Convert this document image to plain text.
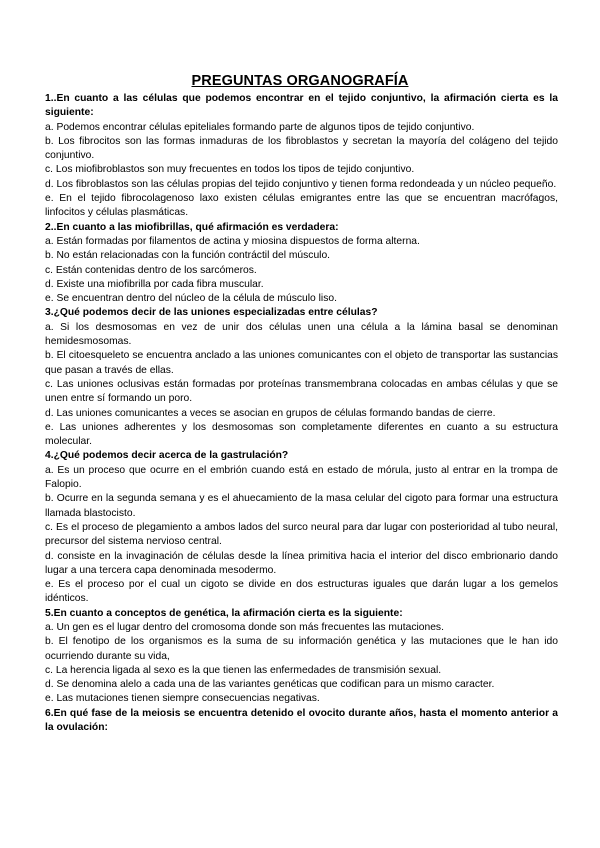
PREGUNTAS ORGANOGRAFÍA
1..En cuanto a las células que podemos encontrar en el tejido conjuntivo, la afirmación cierta es la siguiente:
a. Podemos encontrar células epiteliales formando parte de algunos tipos de tejido conjuntivo.
b. Los fibrocitos son las formas inmaduras de los fibroblastos y secretan la mayoría del colágeno del tejido conjuntivo.
c. Los miofibroblastos son muy frecuentes en todos los tipos de tejido conjuntivo.
d. Los fibroblastos son las células propias del tejido conjuntivo y tienen forma redondeada y un núcleo pequeño.
e. En el tejido fibrocolagenoso laxo existen células emigrantes entre las que se encuentran macrófagos, linfocitos y células plasmáticas.
2..En cuanto a las miofibrillas, qué afirmación es verdadera:
a. Están formadas por filamentos de actina y miosina dispuestos de forma alterna.
b. No están relacionadas con la función contráctil del músculo.
c. Están contenidas dentro de los sarcómeros.
d. Existe una miofibrilla por cada fibra muscular.
e. Se encuentran dentro del núcleo de la célula de músculo liso.
3.¿Qué podemos decir de las uniones especializadas entre células?
a. Si los desmosomas en vez de unir dos células unen una célula a la lámina basal se denominan hemidesmosomas.
b. El citoesqueleto se encuentra anclado a las uniones comunicantes con el objeto de transportar las sustancias que pasan a través de ellas.
c. Las uniones oclusivas están formadas por proteínas transmembrana colocadas en ambas células y que se unen entre sí formando un poro.
d. Las uniones comunicantes a veces se asocian en grupos de células formando bandas de cierre.
e. Las uniones adherentes y los desmosomas son completamente diferentes en cuanto a su estructura molecular.
4.¿Qué podemos decir acerca de la gastrulación?
a. Es un proceso que ocurre en el embrión cuando está en estado de mórula, justo al entrar en la trompa de Falopio.
b. Ocurre en la segunda semana y es el ahuecamiento de la masa celular del cigoto para formar una estructura llamada blastocisto.
c. Es el proceso de plegamiento a ambos lados del surco neural para dar lugar con posterioridad al tubo neural, precursor del sistema nervioso central.
d. consiste en la invaginación de células desde la línea primitiva hacia el interior del disco embrionario dando lugar a una tercera capa denominada mesodermo.
e. Es el proceso por el cual un cigoto se divide en dos estructuras iguales que darán lugar a los gemelos idénticos.
5.En cuanto a conceptos de genética, la afirmación cierta es la siguiente:
a. Un gen es el lugar dentro del cromosoma donde son más frecuentes las mutaciones.
b. El fenotipo de los organismos es la suma de su información genética y las mutaciones que le han ido ocurriendo durante su vida,
c. La herencia ligada al sexo es la que tienen las enfermedades de transmisión sexual.
d. Se denomina alelo a cada una de las variantes genéticas que codifican para un mismo caracter.
e. Las mutaciones tienen siempre consecuencias negativas.
6.En qué fase de la meiosis se encuentra detenido el ovocito durante años, hasta el momento anterior a la ovulación:
